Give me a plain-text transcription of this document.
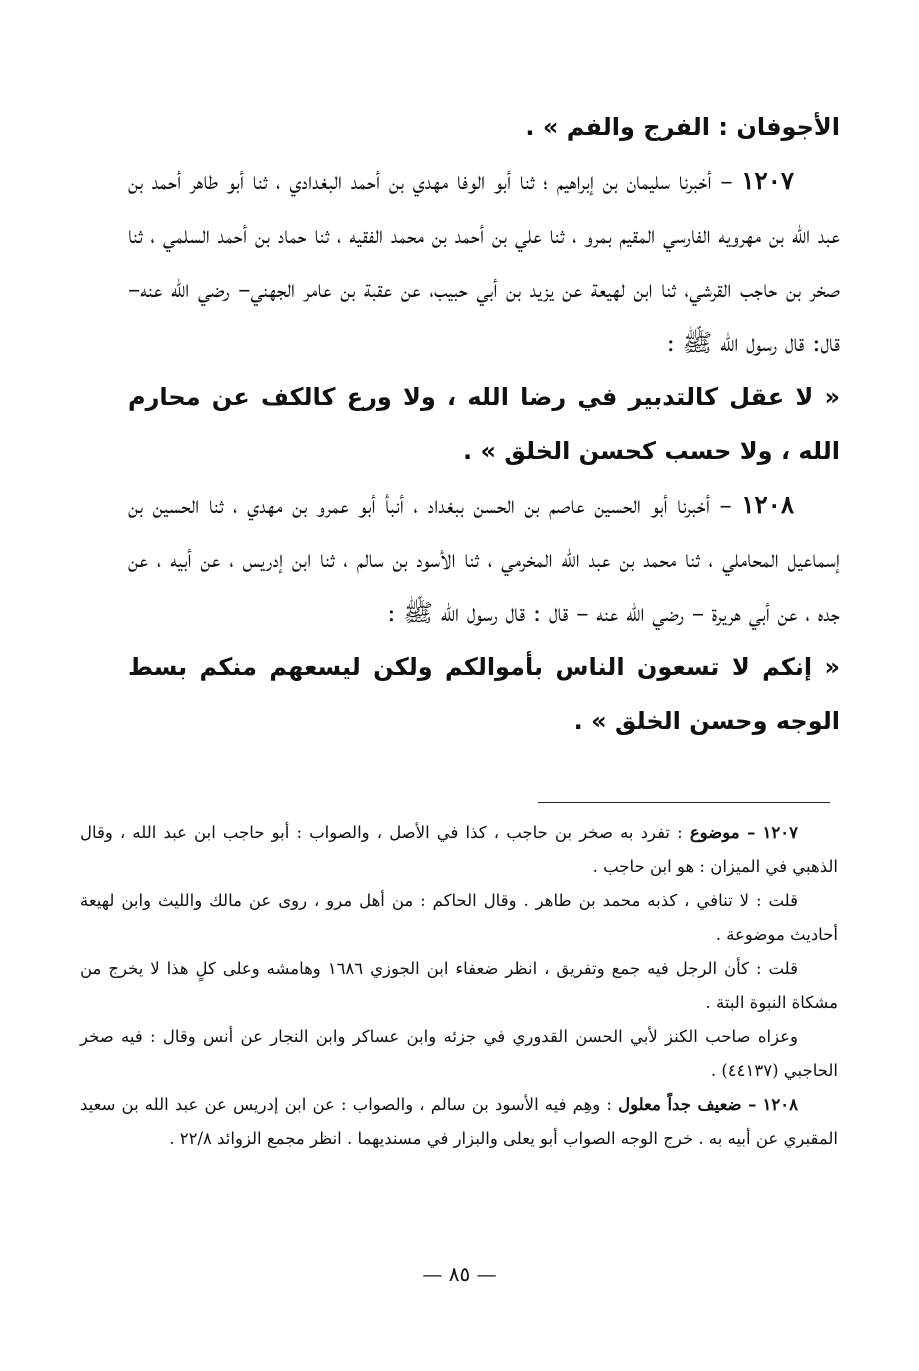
الأجوفان : الفرج والفم » .

١٢٠٧ – أخبرنا سليمان بن إبراهيم ؛ ثنا أبو الوفا مهدي بن أحمد البغدادي ، ثنا أبو طاهر أحمد بن عبد الله بن مهرويه الفارسي المقيم بمرو ، ثنا علي بن أحمد بن محمد الفقيه ، ثنا حماد بن أحمد السلمي ، ثنا صخر بن حاجب القرشي، ثنا ابن لهيعة عن يزيد بن أبي حبيب، عن عقبة بن عامر الجهني– رضي الله عنه– قال: قال رسول الله ﷺ :

« لا عقل كالتدبير في رضا الله ، ولا ورع كالكف عن محارم الله ، ولا حسب كحسن الخلق » .

١٢٠٨ – أخبرنا أبو الحسين عاصم بن الحسن ببغداد ، أنبأ أبو عمرو بن مهدي ، ثنا الحسين بن إسماعيل المحاملي ، ثنا محمد بن عبد الله المخرمي ، ثنا الأسود بن سالم ، ثنا ابن إدريس ، عن أبيه ، عن جده ، عن أبي هريرة – رضي الله عنه – قال : قال رسول الله ﷺ :

« إنكم لا تسعون الناس بأموالكم ولكن ليسعهم منكم بسط الوجه وحسن الخلق » .

١٢٠٧ – موضوع : تفرد به صخر بن حاجب ، كذا في الأصل ، والصواب : أبو حاجب ابن عبد الله ، وقال الذهبي في الميزان : هو ابن حاجب .

قلت : لا تنافي ، كذبه محمد بن طاهر . وقال الحاكم : من أهل مرو ، روى عن مالك والليث وابن لهيعة أحاديث موضوعة .

قلت : كأن الرجل فيه جمع وتفريق ، انظر ضعفاء ابن الجوزي ١٦٨٦ وهامشه وعلى كلٍ هذا لا يخرج من مشكاة النبوة البتة .

وعزاه صاحب الكنز لأبي الحسن القدوري في جزئه وابن عساكر وابن النجار عن أنس وقال : فيه صخر الحاجبي (٤٤١٣٧) .

١٢٠٨ – ضعيف جداً معلول : وهِم فيه الأسود بن سالم ، والصواب : عن ابن إدريس عن عبد الله بن سعيد المقبري عن أبيه به . خرج الوجه الصواب أبو يعلى والبزار في مسنديهما . انظر مجمع الزوائد ٢٢/٨ .

— ٨٥ —
